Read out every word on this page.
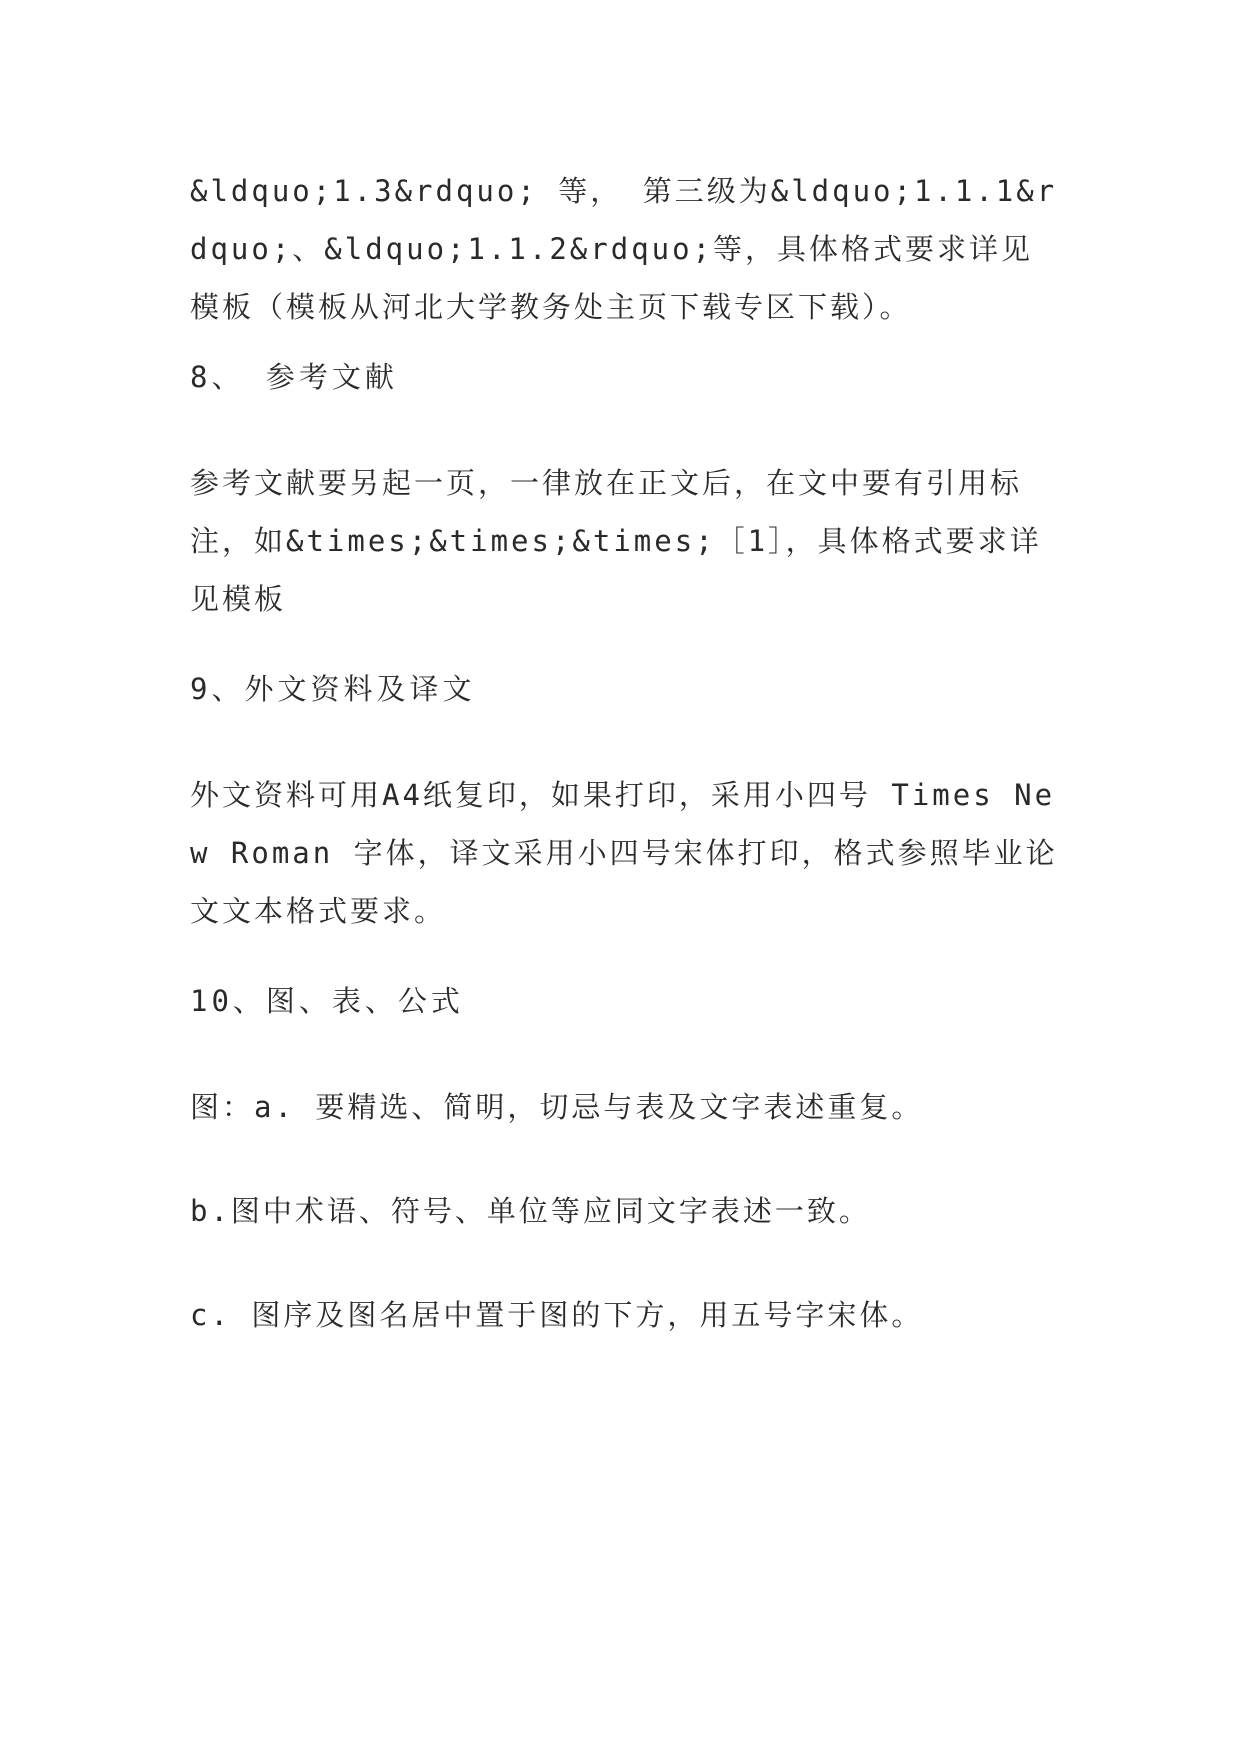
&ldquo;1.3&rdquo; 等， 第三级为&ldquo;1.1.1&rdquo;、&ldquo;1.1.2&rdquo;等，具体格式要求详见模板（模板从河北大学教务处主页下载专区下载）。

8、 参考文献

参考文献要另起一页，一律放在正文后，在文中要有引用标注，如&times;&times;&times;［1］，具体格式要求详见模板

9、外文资料及译文

外文资料可用A4纸复印，如果打印，采用小四号 Times New Roman 字体，译文采用小四号宋体打印，格式参照毕业论文文本格式要求。

10、图、表、公式

图：a. 要精选、简明，切忌与表及文字表述重复。

b.图中术语、符号、单位等应同文字表述一致。

c. 图序及图名居中置于图的下方，用五号字宋体。
